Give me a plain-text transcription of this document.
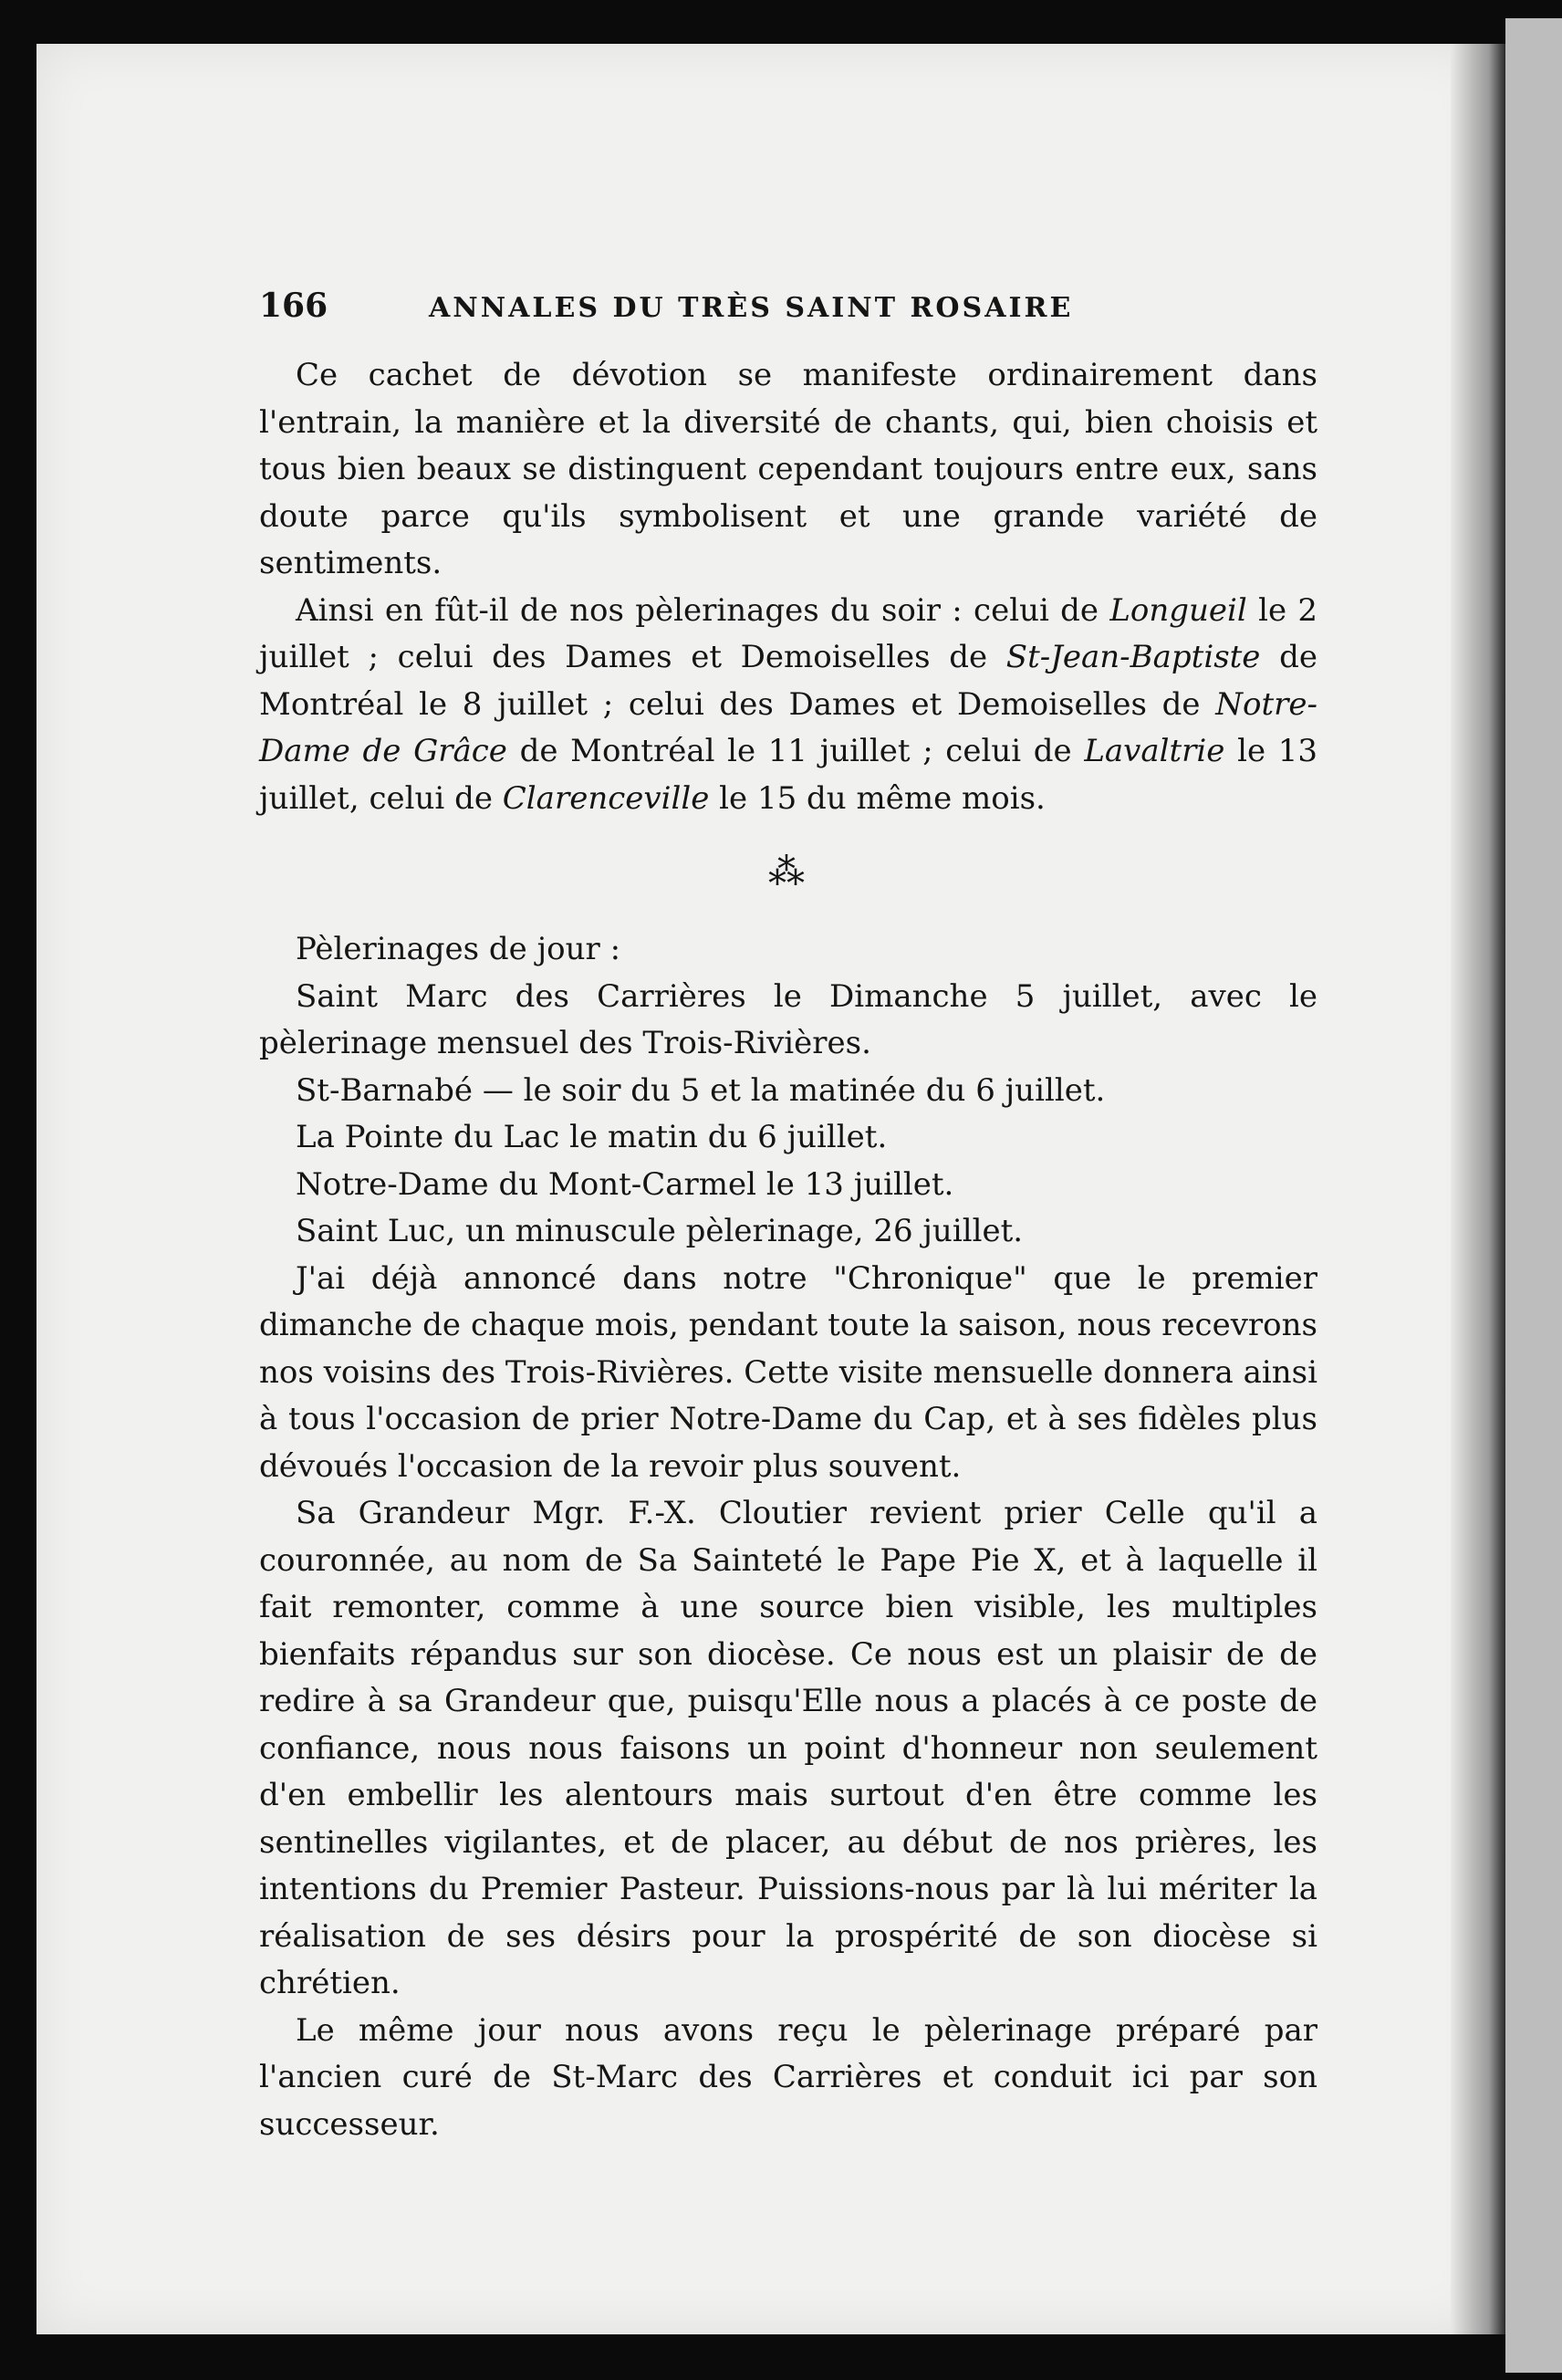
166	ANNALES DU TRÈS SAINT ROSAIRE

Ce cachet de dévotion se manifeste ordinairement dans l'entrain, la manière et la diversité de chants, qui, bien choisis et tous bien beaux se distinguent cependant toujours entre eux, sans doute parce qu'ils symbolisent et une grande variété de sentiments.

Ainsi en fût-il de nos pèlerinages du soir : celui de Longueil le 2 juillet ; celui des Dames et Demoiselles de St-Jean-Baptiste de Montréal le 8 juillet ; celui des Dames et Demoiselles de Notre-Dame de Grâce de Montréal le 11 juillet ; celui de Lavaltrie le 13 juillet, celui de Clarenceville le 15 du même mois.

⁂

Pèlerinages de jour :

Saint Marc des Carrières le Dimanche 5 juillet, avec le pèlerinage mensuel des Trois-Rivières.

St-Barnabé — le soir du 5 et la matinée du 6 juillet.

La Pointe du Lac le matin du 6 juillet.

Notre-Dame du Mont-Carmel le 13 juillet.

Saint Luc, un minuscule pèlerinage, 26 juillet.

J'ai déjà annoncé dans notre "Chronique" que le premier dimanche de chaque mois, pendant toute la saison, nous recevrons nos voisins des Trois-Rivières. Cette visite mensuelle donnera ainsi à tous l'occasion de prier Notre-Dame du Cap, et à ses fidèles plus dévoués l'occasion de la revoir plus souvent.

Sa Grandeur Mgr. F.-X. Cloutier revient prier Celle qu'il a couronnée, au nom de Sa Sainteté le Pape Pie X, et à laquelle il fait remonter, comme à une source bien visible, les multiples bienfaits répandus sur son diocèse. Ce nous est un plaisir de de redire à sa Grandeur que, puisqu'Elle nous a placés à ce poste de confiance, nous nous faisons un point d'honneur non seulement d'en embellir les alentours mais surtout d'en être comme les sentinelles vigilantes, et de placer, au début de nos prières, les intentions du Premier Pasteur. Puissions-nous par là lui mériter la réalisation de ses désirs pour la prospérité de son diocèse si chrétien.

Le même jour nous avons reçu le pèlerinage préparé par l'ancien curé de St-Marc des Carrières et conduit ici par son successeur.
